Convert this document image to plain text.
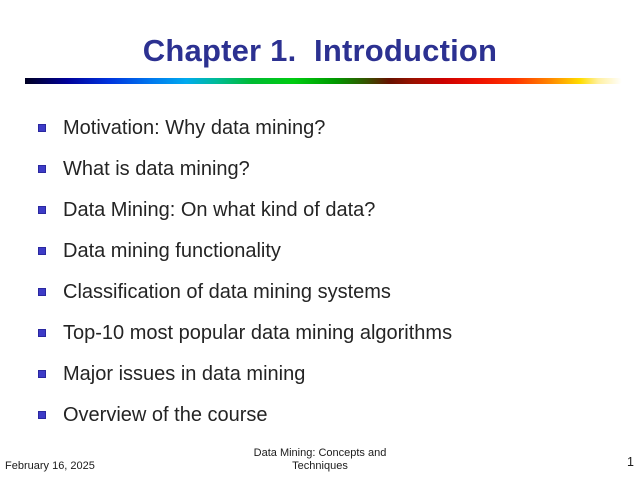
Chapter 1.  Introduction
Motivation: Why data mining?
What is data mining?
Data Mining: On what kind of data?
Data mining functionality
Classification of data mining systems
Top-10 most popular data mining algorithms
Major issues in data mining
Overview of the course
February 16, 2025
Data Mining: Concepts and
Techniques	1
